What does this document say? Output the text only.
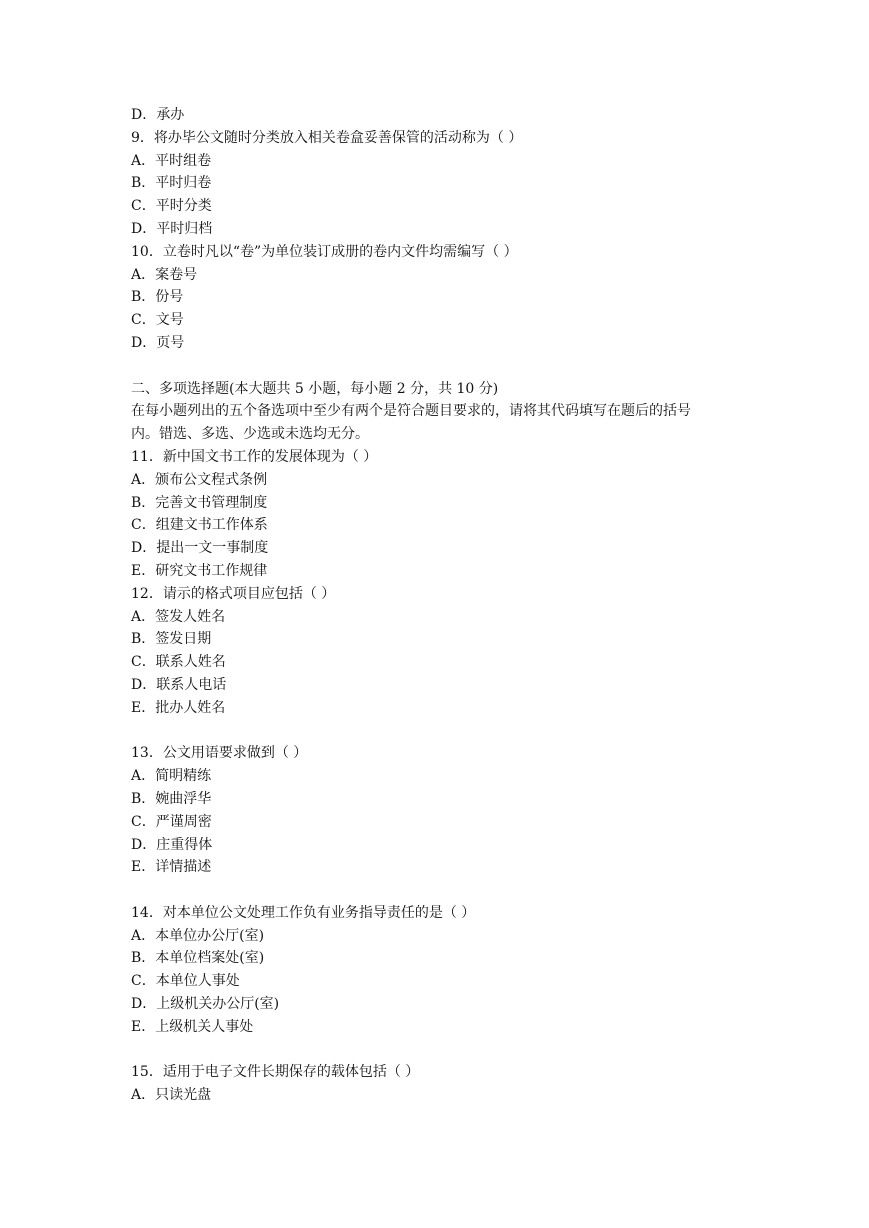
D．承办
9．将办毕公文随时分类放入相关卷盒妥善保管的活动称为（ ）
A．平时组卷
B．平时归卷
C．平时分类
D．平时归档
10．立卷时凡以“卷”为单位装订成册的卷内文件均需编写（ ）
A．案卷号
B．份号
C．文号
D．页号
二、多项选择题(本大题共 5 小题，每小题 2 分，共 10 分)
在每小题列出的五个备选项中至少有两个是符合题目要求的，请将其代码填写在题后的括号
内。错选、多选、少选或未选均无分。
11．新中国文书工作的发展体现为（ ）
A．颁布公文程式条例
B．完善文书管理制度
C．组建文书工作体系
D．提出一文一事制度
E．研究文书工作规律
12．请示的格式项目应包括（ ）
A．签发人姓名
B．签发日期
C．联系人姓名
D．联系人电话
E．批办人姓名
13．公文用语要求做到（ ）
A．简明精练
B．婉曲浮华
C．严谨周密
D．庄重得体
E．详情描述
14．对本单位公文处理工作负有业务指导责任的是（ ）
A．本单位办公厅(室)
B．本单位档案处(室)
C．本单位人事处
D．上级机关办公厅(室)
E．上级机关人事处
15．适用于电子文件长期保存的载体包括（ ）
A．只读光盘
